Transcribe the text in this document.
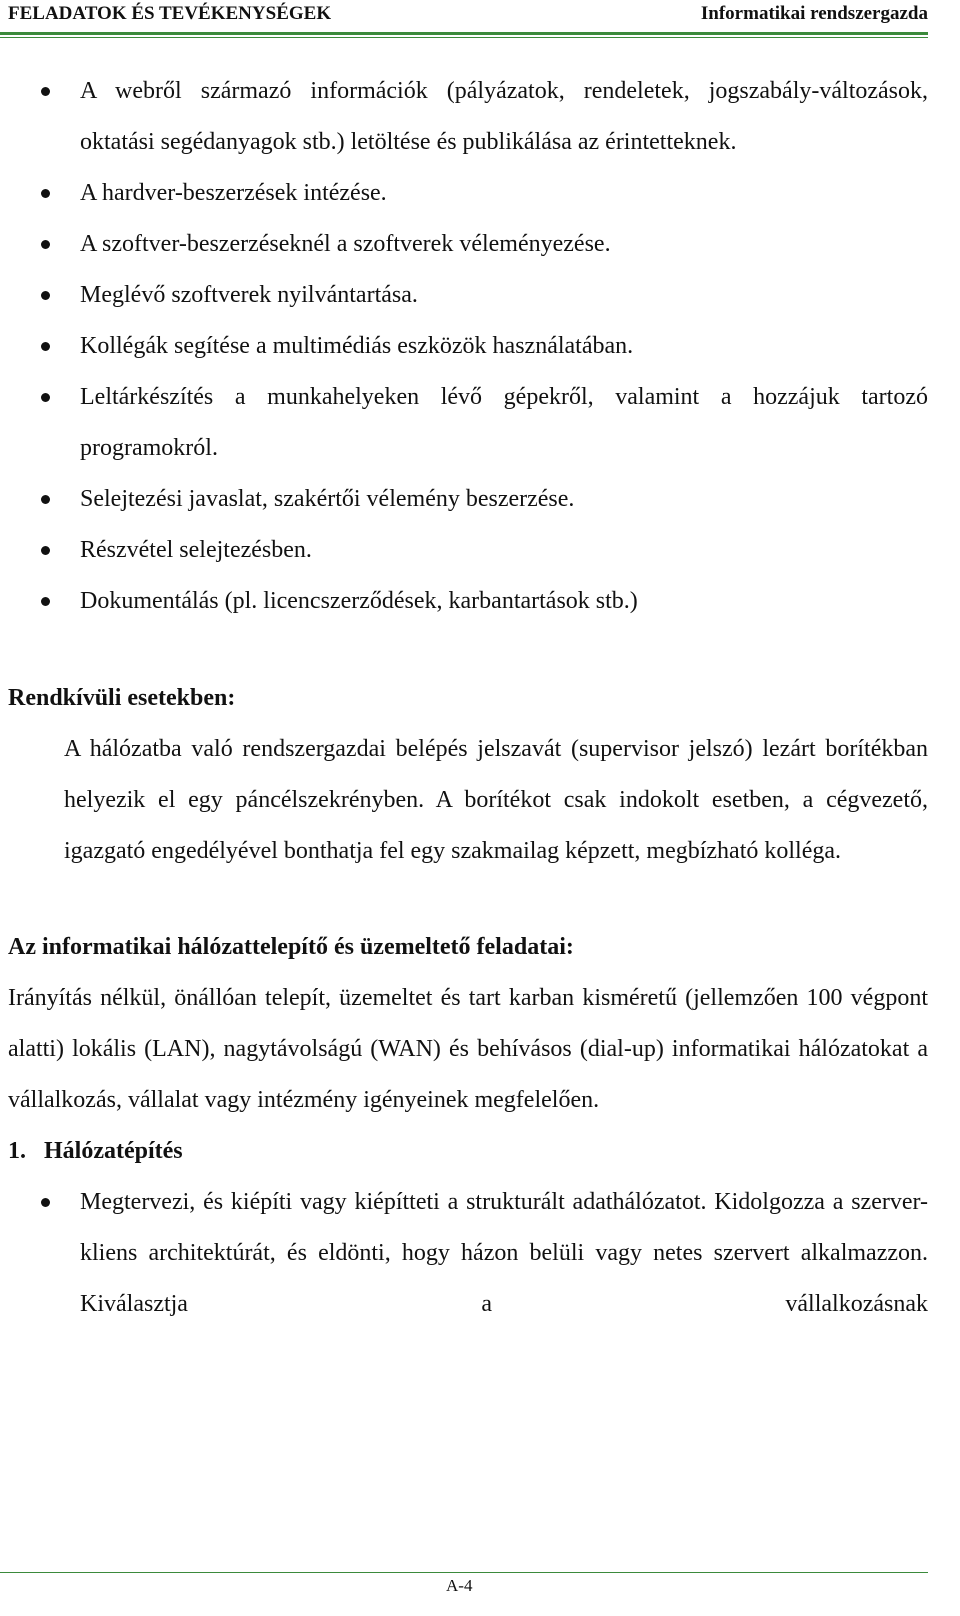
FELADATOK ÉS TEVÉKENYSÉGEK	Informatikai rendszergazda
A webről származó információk (pályázatok, rendeletek, jogszabály-változások, oktatási segédanyagok stb.) letöltése és publikálása az érintetteknek.
A hardver-beszerzések intézése.
A szoftver-beszerzéseknél a szoftverek véleményezése.
Meglévő szoftverek nyilvántartása.
Kollégák segítése a multimédiás eszközök használatában.
Leltárkészítés a munkahelyeken lévő gépekről, valamint a hozzájuk tartozó programokról.
Selejtezési javaslat, szakértői vélemény beszerzése.
Részvétel selejtezésben.
Dokumentálás (pl. licencszerződések, karbantartások stb.)
Rendkívüli esetekben:
A hálózatba való rendszergazdai belépés jelszavát (supervisor jelszó) lezárt borítékban helyezik el egy páncélszekrényben. A borítékot csak indokolt esetben, a cégvezető, igazgató engedélyével bonthatja fel egy szakmailag képzett, megbízható kolléga.
Az informatikai hálózattelepítő és üzemeltető feladatai:
Irányítás nélkül, önállóan telepít, üzemeltet és tart karban kisméretű (jellemzően 100 végpont alatti) lokális (LAN), nagytávolságú (WAN) és behívásos (dial-up) informatikai hálózatokat a vállalkozás, vállalat vagy intézmény igényeinek megfelelően.
1. Hálózatépítés
Megtervezi, és kiépíti vagy kiépítteti a strukturált adathálózatot. Kidolgozza a szerver-kliens architektúrát, és eldönti, hogy házon belüli vagy netes szervert alkalmazzon. Kiválasztja a vállalkozásnak
A-4
